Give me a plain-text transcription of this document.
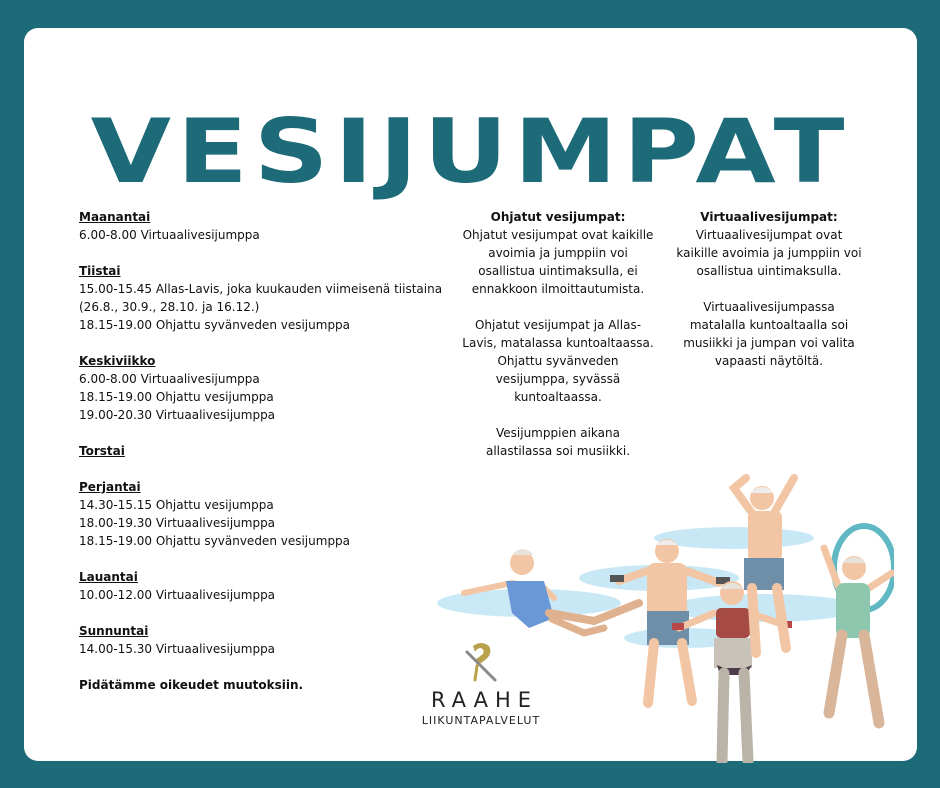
VESIJUMPAT
Maanantai
6.00-8.00 Virtuaalivesijumppa
Tiistai
15.00-15.45 Allas-Lavis, joka kuukauden viimeisenä tiistaina
(26.8., 30.9., 28.10. ja 16.12.)
18.15-19.00 Ohjattu syvänveden vesijumppa
Keskiviikko
6.00-8.00 Virtuaalivesijumppa
18.15-19.00 Ohjattu vesijumppa
19.00-20.30 Virtuaalivesijumppa
Torstai
Perjantai
14.30-15.15 Ohjattu vesijumppa
18.00-19.30 Virtuaalivesijumppa
18.15-19.00 Ohjattu syvänveden vesijumppa
Lauantai
10.00-12.00 Virtuaalivesijumppa
Sunnuntai
14.00-15.30 Virtuaalivesijumppa
Pidätämme oikeudet muutoksiin.
Ohjatut vesijumpat:

Ohjatut vesijumpat ovat kaikille avoimia ja jumppiin voi osallistua uintimaksulla, ei ennakkoon ilmoittautumista.

Ohjatut vesijumpat ja Allas-Lavis, matalassa kuntoaltaassa. Ohjattu syvänveden vesijumppa, syvässä kuntoaltaassa.

Vesijumppien aikana allastilassa soi musiikki.

Virtuaalivesijumpat:

Virtuaalivesijumpat ovat kaikille avoimia ja jumppiin voi osallistua uintimaksulla.

Virtuaalivesijumpassa matalalla kuntoaltaalla soi musiikki ja jumpan voi valita vapaasti näytöltä.

RAAHE
LIIKUNTAPALVELUT
